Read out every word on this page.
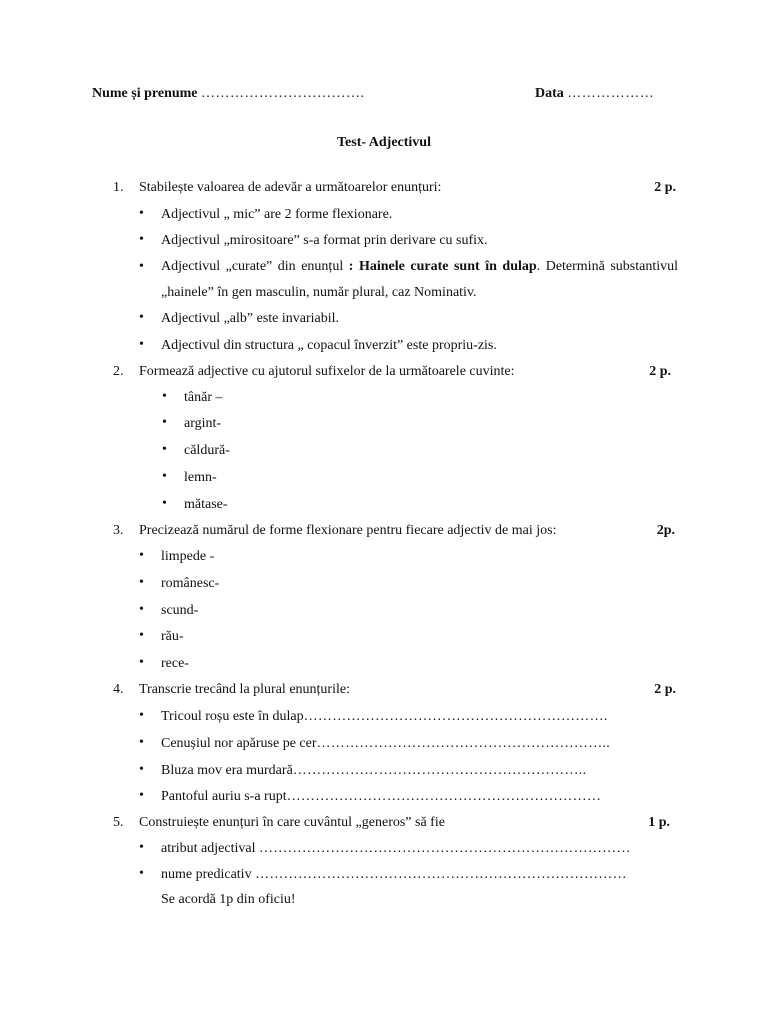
Nume și prenume …………………………….	Data ………………
Test- Adjectivul
1. Stabilește valoarea de adevăr a următoarelor enunțuri:	2 p.
• Adjectivul „ mic” are 2 forme flexionare.
• Adjectivul „mirositoare” s-a format prin derivare cu sufix.
• Adjectivul „curate” din enunțul : Hainele curate sunt în dulap. Determină substantivul „hainele” în gen masculin, număr plural, caz Nominativ.
• Adjectivul „alb” este invariabil.
• Adjectivul din structura „ copacul înverzit” este propriu-zis.
2. Formează adjective cu ajutorul sufixelor de la următoarele cuvinte:	2 p.
• tânăr –
• argint-
• căldură-
• lemn-
• mătase-
3. Precizează numărul de forme flexionare pentru fiecare adjectiv de mai jos:	2p.
• limpede -
• românesc-
• scund-
• rău-
• rece-
4. Transcrie trecând la plural enunțurile:	2 p.
• Tricoul roșu este în dulap……………………………………………………….
• Cenușiul nor apăruse pe cer……………………………………………………..
• Bluza mov era murdară……………………………………………………..
• Pantoful auriu s-a rupt…………………………………………………………
5. Construiește enunțuri în care cuvântul „generos” să fie	1 p.
• atribut adjectival ……………………………………………………………………
• nume predicativ ……………………………………………………………………
Se acordă 1p din oficiu!
